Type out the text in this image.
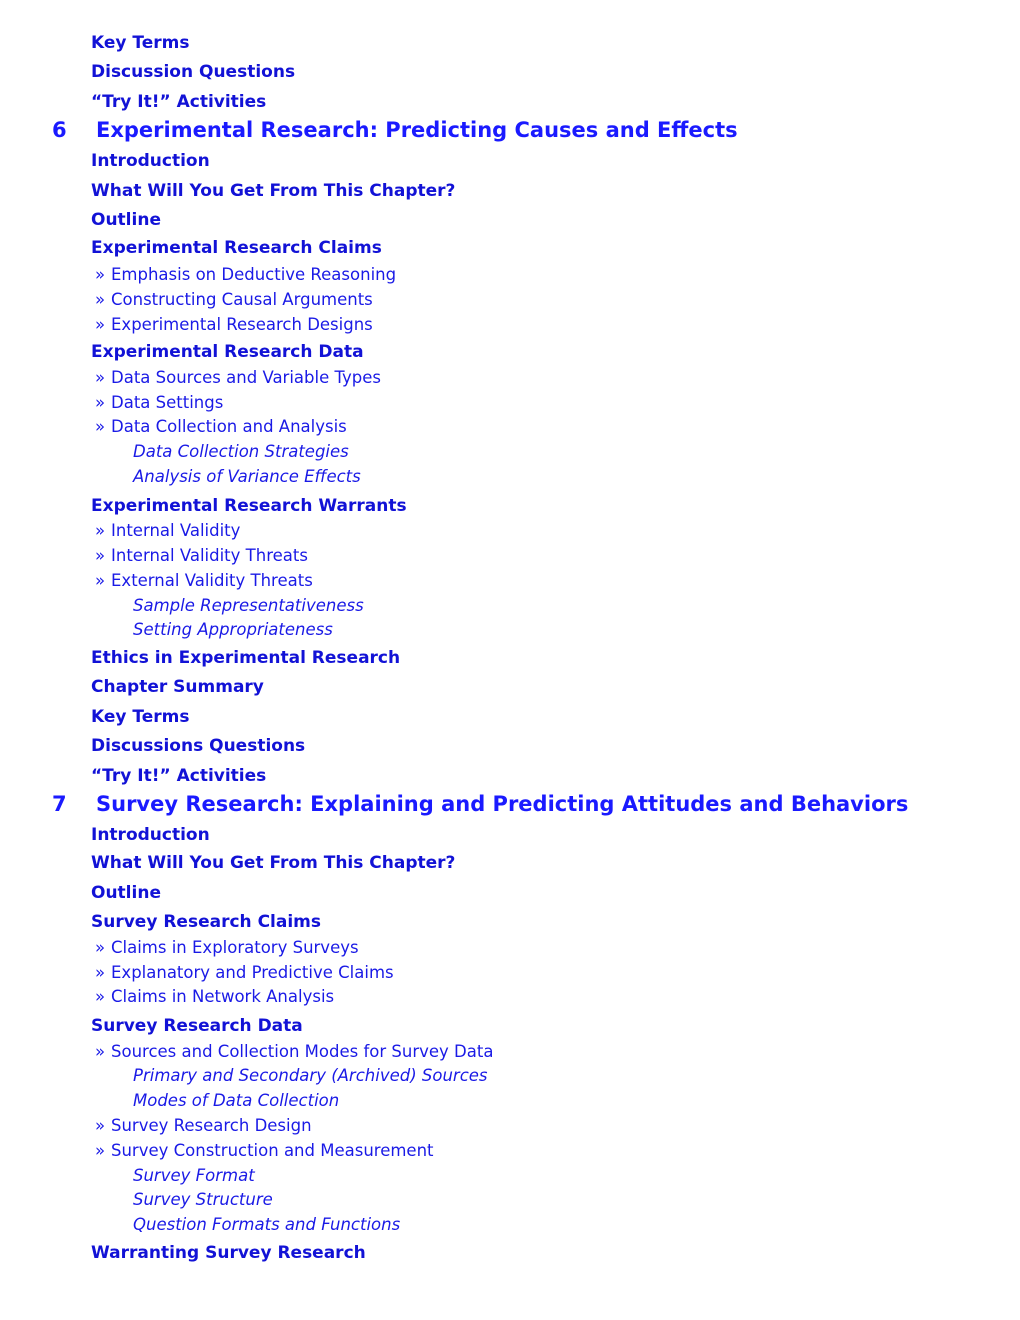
Key Terms
Discussion Questions
“Try It!” Activities
6 Experimental Research: Predicting Causes and Effects
Introduction
What Will You Get From This Chapter?
Outline
Experimental Research Claims
» Emphasis on Deductive Reasoning
» Constructing Causal Arguments
» Experimental Research Designs
Experimental Research Data
» Data Sources and Variable Types
» Data Settings
» Data Collection and Analysis
Data Collection Strategies
Analysis of Variance Effects
Experimental Research Warrants
» Internal Validity
» Internal Validity Threats
» External Validity Threats
Sample Representativeness
Setting Appropriateness
Ethics in Experimental Research
Chapter Summary
Key Terms
Discussions Questions
“Try It!” Activities
7 Survey Research: Explaining and Predicting Attitudes and Behaviors
Introduction
What Will You Get From This Chapter?
Outline
Survey Research Claims
» Claims in Exploratory Surveys
» Explanatory and Predictive Claims
» Claims in Network Analysis
Survey Research Data
» Sources and Collection Modes for Survey Data
Primary and Secondary (Archived) Sources
Modes of Data Collection
» Survey Research Design
» Survey Construction and Measurement
Survey Format
Survey Structure
Question Formats and Functions
Warranting Survey Research
